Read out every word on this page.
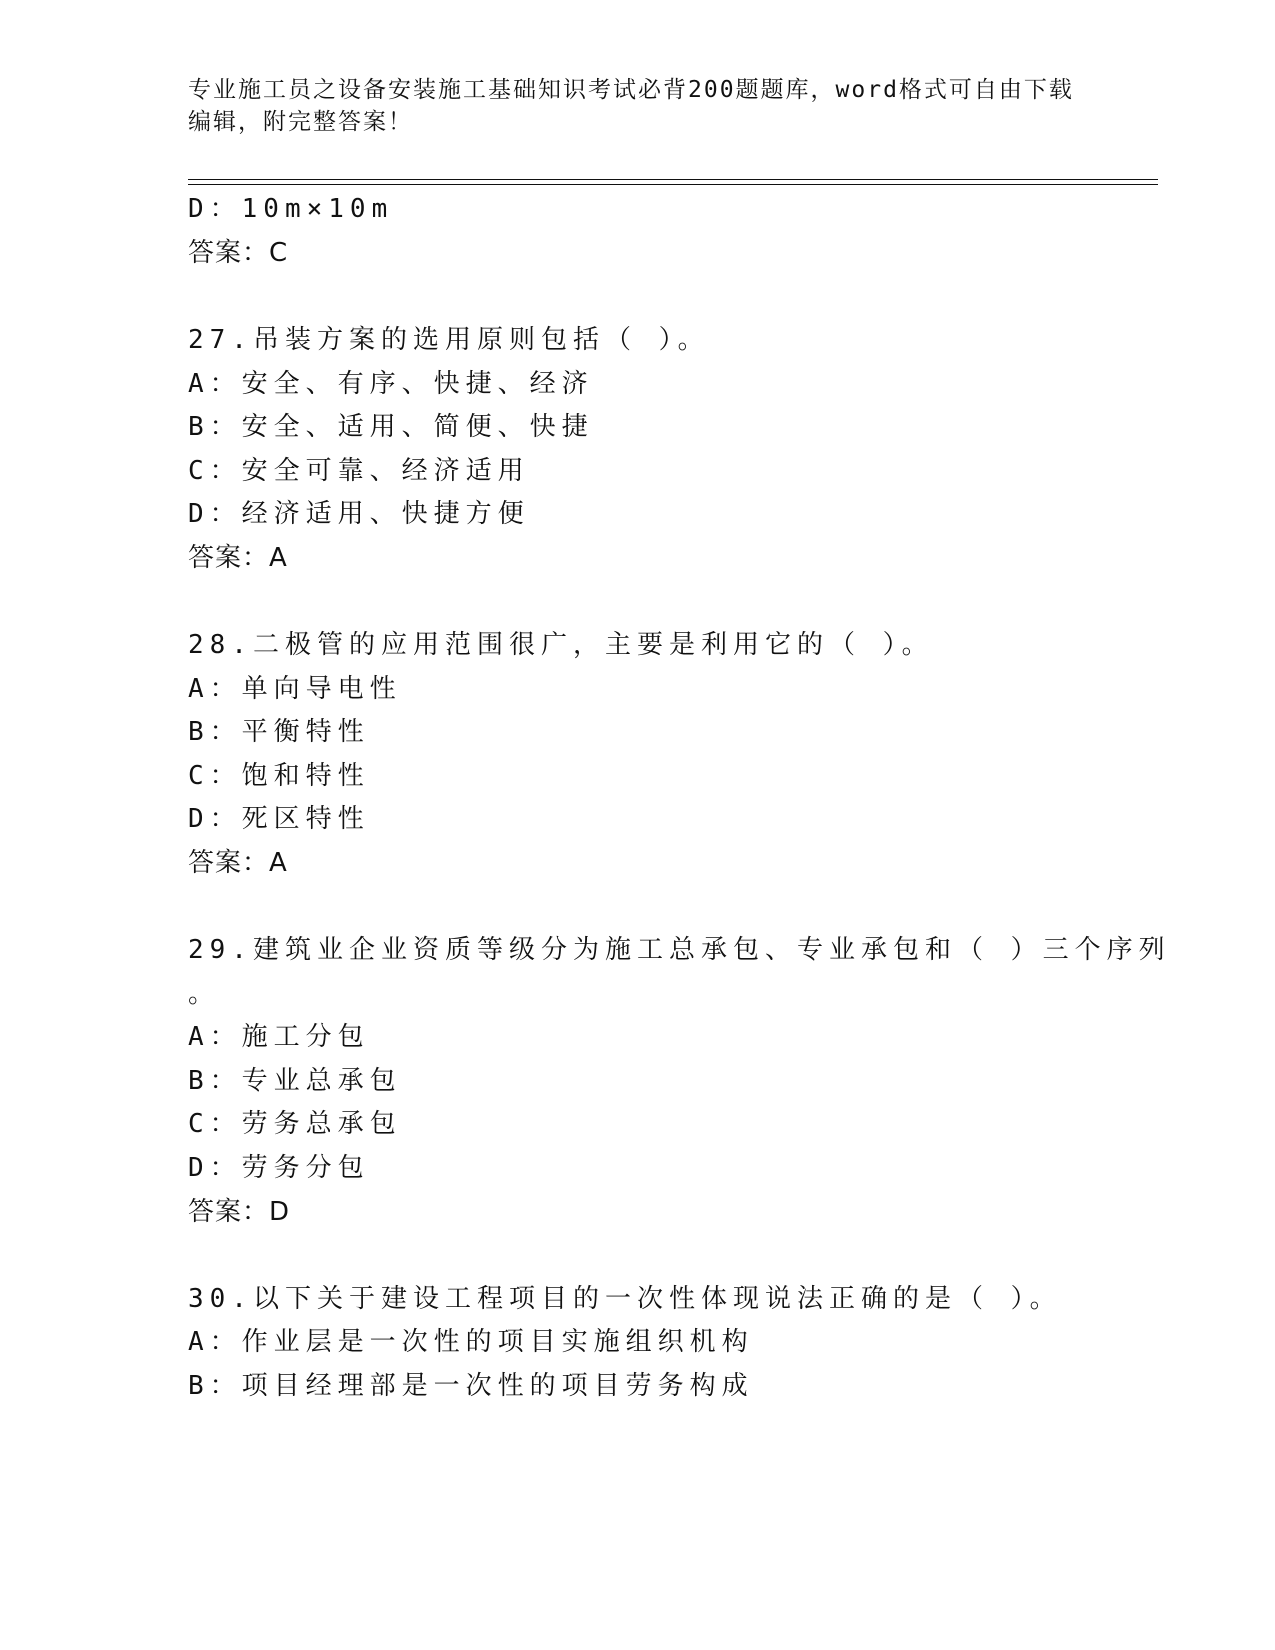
专业施工员之设备安装施工基础知识考试必背200题题库，word格式可自由下载
编辑，附完整答案！
D：10m×10m
答案：C
27.吊装方案的选用原则包括（ ）。
A：安全、有序、快捷、经济
B：安全、适用、简便、快捷
C：安全可靠、经济适用
D：经济适用、快捷方便
答案：A
28.二极管的应用范围很广，主要是利用它的（ ）。
A：单向导电性
B：平衡特性
C：饱和特性
D：死区特性
答案：A
29.建筑业企业资质等级分为施工总承包、专业承包和（ ）三个序列
。
A：施工分包
B：专业总承包
C：劳务总承包
D：劳务分包
答案：D
30.以下关于建设工程项目的一次性体现说法正确的是（ ）。
A：作业层是一次性的项目实施组织机构
B：项目经理部是一次性的项目劳务构成
